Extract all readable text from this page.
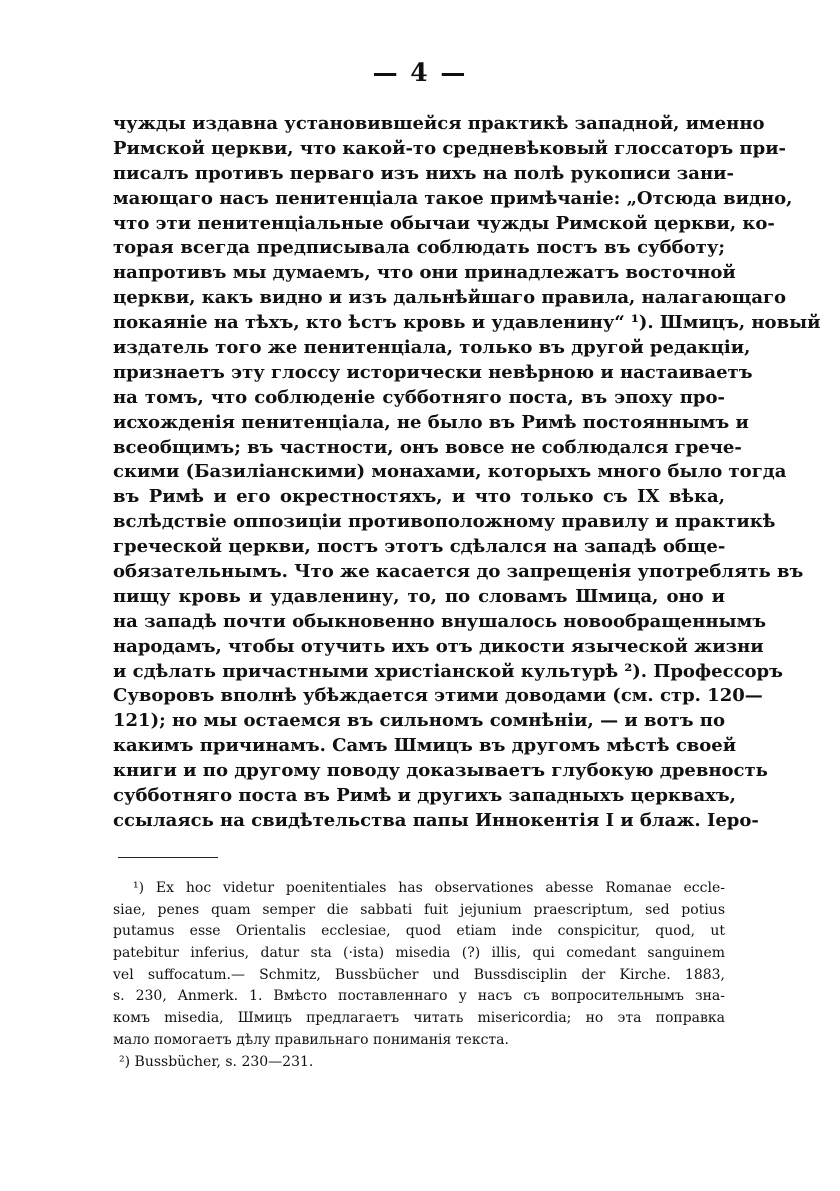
— 4 —
чужды издавна установившейся практикѣ западной, именно
Римской церкви, что какой-то средневѣковый глоссаторъ при-
писалъ противъ перваго изъ нихъ на полѣ рукописи зани-
мающаго насъ пенитенціала такое примѣчаніе: „Отсюда видно,
что эти пенитенціальные обычаи чужды Римской церкви, ко-
торая всегда предписывала соблюдать постъ въ субботу;
напротивъ мы думаемъ, что они принадлежатъ восточной
церкви, какъ видно и изъ дальнѣйшаго правила, налагающаго
покаяніе на тѣхъ, кто ѣстъ кровь и удавленину“ ¹). Шмицъ, новый
издатель того же пенитенціала, только въ другой редакціи,
признаетъ эту глоссу исторически невѣрною и настаиваетъ
на томъ, что соблюденіе субботняго поста, въ эпоху про-
исхожденія пенитенціала, не было въ Римѣ постояннымъ и
всеобщимъ; въ частности, онъ вовсе не соблюдался грече-
скими (Базиліанскими) монахами, которыхъ много было тогда
въ Римѣ и его окрестностяхъ, и что только съ IX вѣка,
вслѣдствіе оппозиціи противоположному правилу и практикѣ
греческой церкви, постъ этотъ сдѣлался на западѣ обще-
обязательнымъ. Что же касается до запрещенія употреблять въ
пищу кровь и удавленину, то, по словамъ Шмица, оно и
на западѣ почти обыкновенно внушалось новообращеннымъ
народамъ, чтобы отучить ихъ отъ дикости языческой жизни
и сдѣлать причастными христіанской культурѣ ²). Профессоръ
Суворовъ вполнѣ убѣждается этими доводами (см. стр. 120—
121); но мы остаемся въ сильномъ сомнѣніи, — и вотъ по
какимъ причинамъ. Самъ Шмицъ въ другомъ мѣстѣ своей
книги и по другому поводу доказываетъ глубокую древность
субботняго поста въ Римѣ и другихъ западныхъ церквахъ,
ссылаясь на свидѣтельства папы Иннокентія I и блаж. Іеро-
¹) Ex hoc videtur poenitentiales has observationes abesse Romanae eccle-
siae, penes quam semper die sabbati fuit jejunium praescriptum, sed potius
putamus esse Orientalis ecclesiae, quod etiam inde conspicitur, quod, ut
patebitur inferius, datur sta (·ista) misedia (?) illis, qui comedant sanguinem
vel suffocatum.— Schmitz, Bussbücher und Bussdisciplin der Kirche. 1883,
s. 230, Anmerk. 1. Вмѣсто поставленнаго у насъ съ вопросительнымъ зна-
комъ misedia, Шмицъ предлагаетъ читать misericordia; но эта поправка
мало помогаетъ дѣлу правильнаго пониманія текста.
²) Bussbücher, s. 230—231.
